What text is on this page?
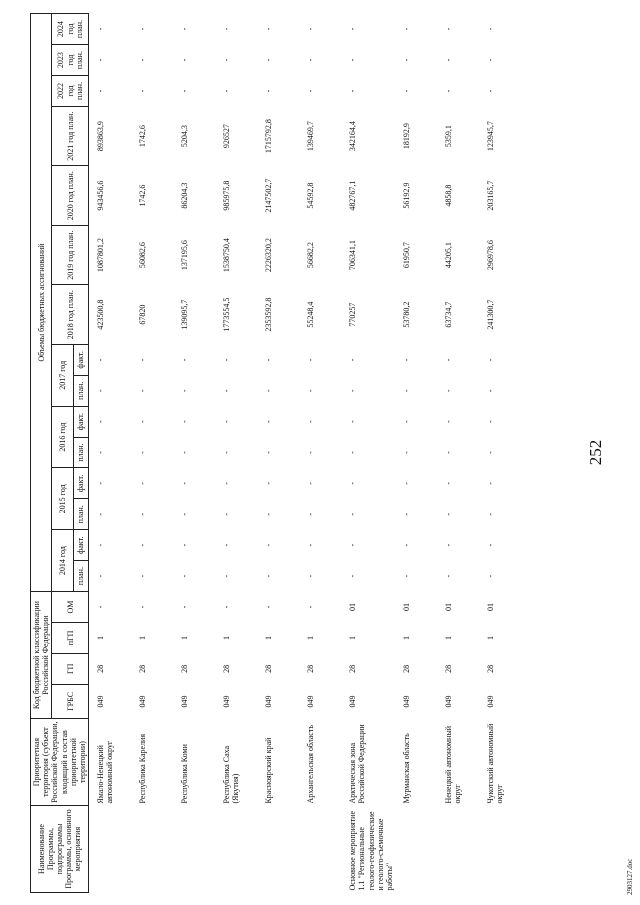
252
Наименование Программы, подпрограммы Программы, основного мероприятия	Приоритетная территория (субъект Российской Федерации, входящий в состав приоритетной территории)	Код бюджетной классификации Российской Федерации				Объемы бюджетных ассигнований														
		ГРБС	ГП	пГП	ОМ	2014 год		2015 год		2016 год		2017 год		2018 год план.	2019 год план.	2020 год план.	2021 год план.	2022 год план.	2023 год план.	2024 год план.
						план.	факт.	план.	факт.	план.	факт.	план.	факт.							
	Ямало-Ненецкий автономный округ	049	28	1	-	-	-	-	-	-	-	-	-	423500,8	1087801,2	943456,6	893863,9	-	-	-
	Республика Карелия	049	28	1	-	-	-	-	-	-	-	-	-	67820	56082,6	1742,6	1742,6	-	-	-
	Республика Коми	049	28	1	-	-	-	-	-	-	-	-	-	139095,7	137195,6	86204,3	5204,3	-	-	-
	Республика Саха (Якутия)	049	28	1	-	-	-	-	-	-	-	-	-	1773554,5	1538750,4	985975,8	926527	-	-	-
	Красноярский край	049	28	1	-	-	-	-	-	-	-	-	-	2353592,8	2226320,2	2147502,7	1715792,8	-	-	-
	Архангельская область	049	28	1	-	-	-	-	-	-	-	-	-	55248,4	56682,2	54592,8	139469,7	-	-	-
Основное мероприятие 1.1 "Региональные геолого-геофизические и геолого-съемочные работы"	Арктическая зона Российской Федерации	049	28	1	01	-	-	-	-	-	-	-	-	770257	706341,1	482767,1	342164,4	-	-	-
	Мурманская область	049	28	1	01	-	-	-	-	-	-	-	-	53780,2	61950,7	56192,9	18192,9	-	-	-
	Ненецкий автономный округ	049	28	1	01	-	-	-	-	-	-	-	-	63734,7	44205,1	4858,8	5359,1	-	-	-
	Чукотский автономный округ	049	28	1	01	-	-	-	-	-	-	-	-	241300,7	296978,6	203165,7	123945,7	-	-	-
2903127.doc
